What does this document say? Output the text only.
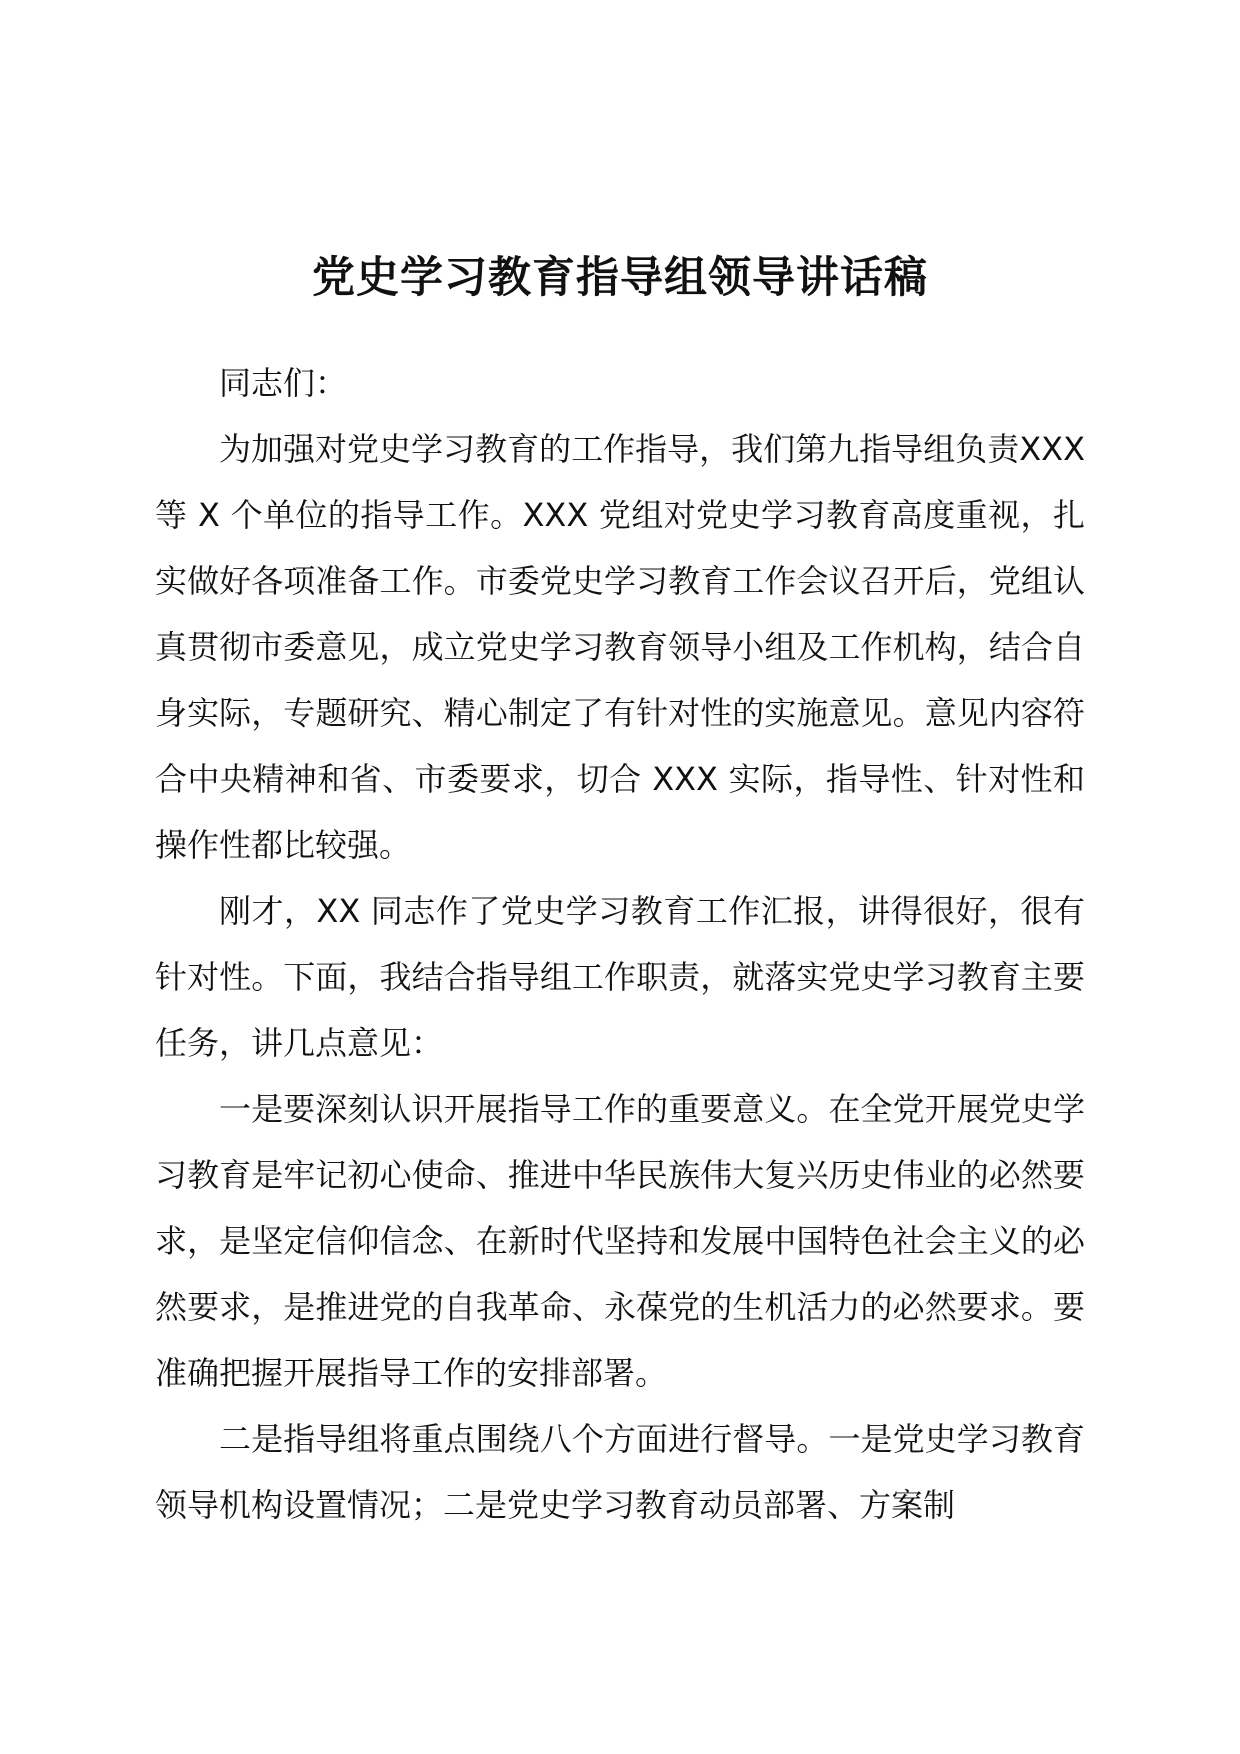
党史学习教育指导组领导讲话稿

同志们：

为加强对党史学习教育的工作指导，我们第九指导组负责XXX 等 X 个单位的指导工作。XXX 党组对党史学习教育高度重视，扎实做好各项准备工作。市委党史学习教育工作会议召开后，党组认真贯彻市委意见，成立党史学习教育领导小组及工作机构，结合自身实际，专题研究、精心制定了有针对性的实施意见。意见内容符合中央精神和省、市委要求，切合 XXX 实际，指导性、针对性和操作性都比较强。

刚才，XX 同志作了党史学习教育工作汇报，讲得很好，很有针对性。下面，我结合指导组工作职责，就落实党史学习教育主要任务，讲几点意见：

一是要深刻认识开展指导工作的重要意义。在全党开展党史学习教育是牢记初心使命、推进中华民族伟大复兴历史伟业的必然要求，是坚定信仰信念、在新时代坚持和发展中国特色社会主义的必然要求，是推进党的自我革命、永葆党的生机活力的必然要求。要准确把握开展指导工作的安排部署。

二是指导组将重点围绕八个方面进行督导。一是党史学习教育领导机构设置情况；二是党史学习教育动员部署、方案制
